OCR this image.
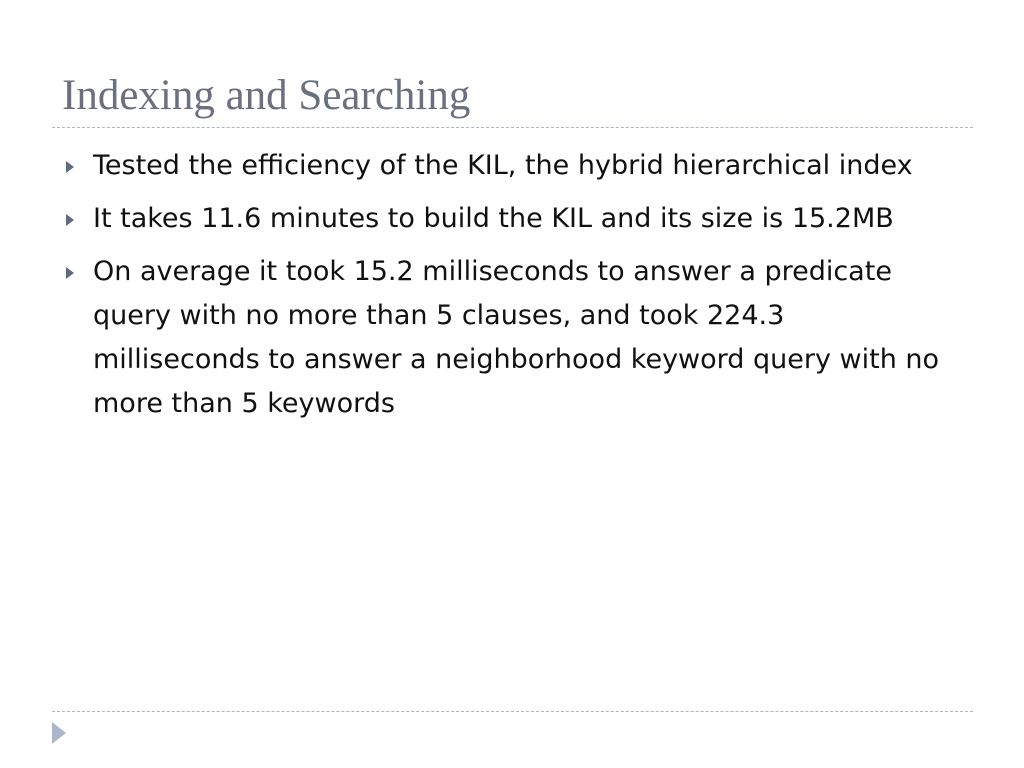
Indexing and Searching
Tested the efficiency of the KIL, the hybrid hierarchical index
It takes 11.6 minutes to build the KIL and its size is 15.2MB
On average it took 15.2 milliseconds to answer a predicate query with no more than 5 clauses, and took 224.3 milliseconds to answer a neighborhood keyword query with no more than 5 keywords
